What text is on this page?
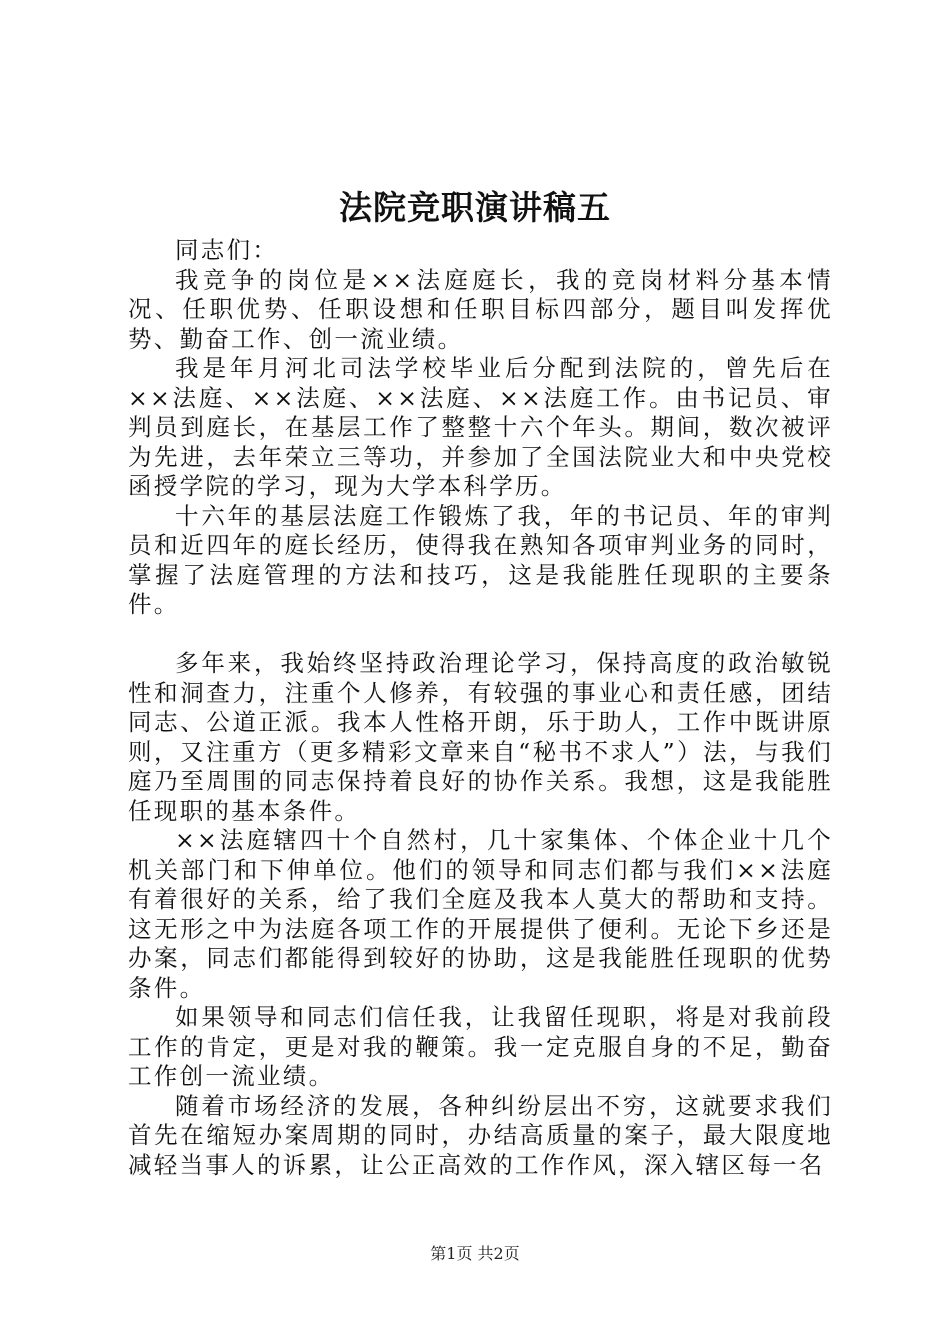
法院竞职演讲稿五

同志们：

我竞争的岗位是××法庭庭长，我的竞岗材料分基本情况、任职优势、任职设想和任职目标四部分，题目叫发挥优势、勤奋工作、创一流业绩。

我是年月河北司法学校毕业后分配到法院的，曾先后在××法庭、××法庭、××法庭、××法庭工作。由书记员、审判员到庭长，在基层工作了整整十六个年头。期间，数次被评为先进，去年荣立三等功，并参加了全国法院业大和中央党校函授学院的学习，现为大学本科学历。

十六年的基层法庭工作锻炼了我，年的书记员、年的审判员和近四年的庭长经历，使得我在熟知各项审判业务的同时，掌握了法庭管理的方法和技巧，这是我能胜任现职的主要条件。

多年来，我始终坚持政治理论学习，保持高度的政治敏锐性和洞查力，注重个人修养，有较强的事业心和责任感，团结同志、公道正派。我本人性格开朗，乐于助人，工作中既讲原则，又注重方（更多精彩文章来自“秘书不求人”）法，与我们庭乃至周围的同志保持着良好的协作关系。我想，这是我能胜任现职的基本条件。

××法庭辖四十个自然村，几十家集体、个体企业十几个机关部门和下伸单位。他们的领导和同志们都与我们××法庭有着很好的关系，给了我们全庭及我本人莫大的帮助和支持。这无形之中为法庭各项工作的开展提供了便利。无论下乡还是办案，同志们都能得到较好的协助，这是我能胜任现职的优势条件。

如果领导和同志们信任我，让我留任现职，将是对我前段工作的肯定，更是对我的鞭策。我一定克服自身的不足，勤奋工作创一流业绩。

随着市场经济的发展，各种纠纷层出不穷，这就要求我们首先在缩短办案周期的同时，办结高质量的案子，最大限度地减轻当事人的诉累，让公正高效的工作作风，深入辖区每一名

第1页 共2页
